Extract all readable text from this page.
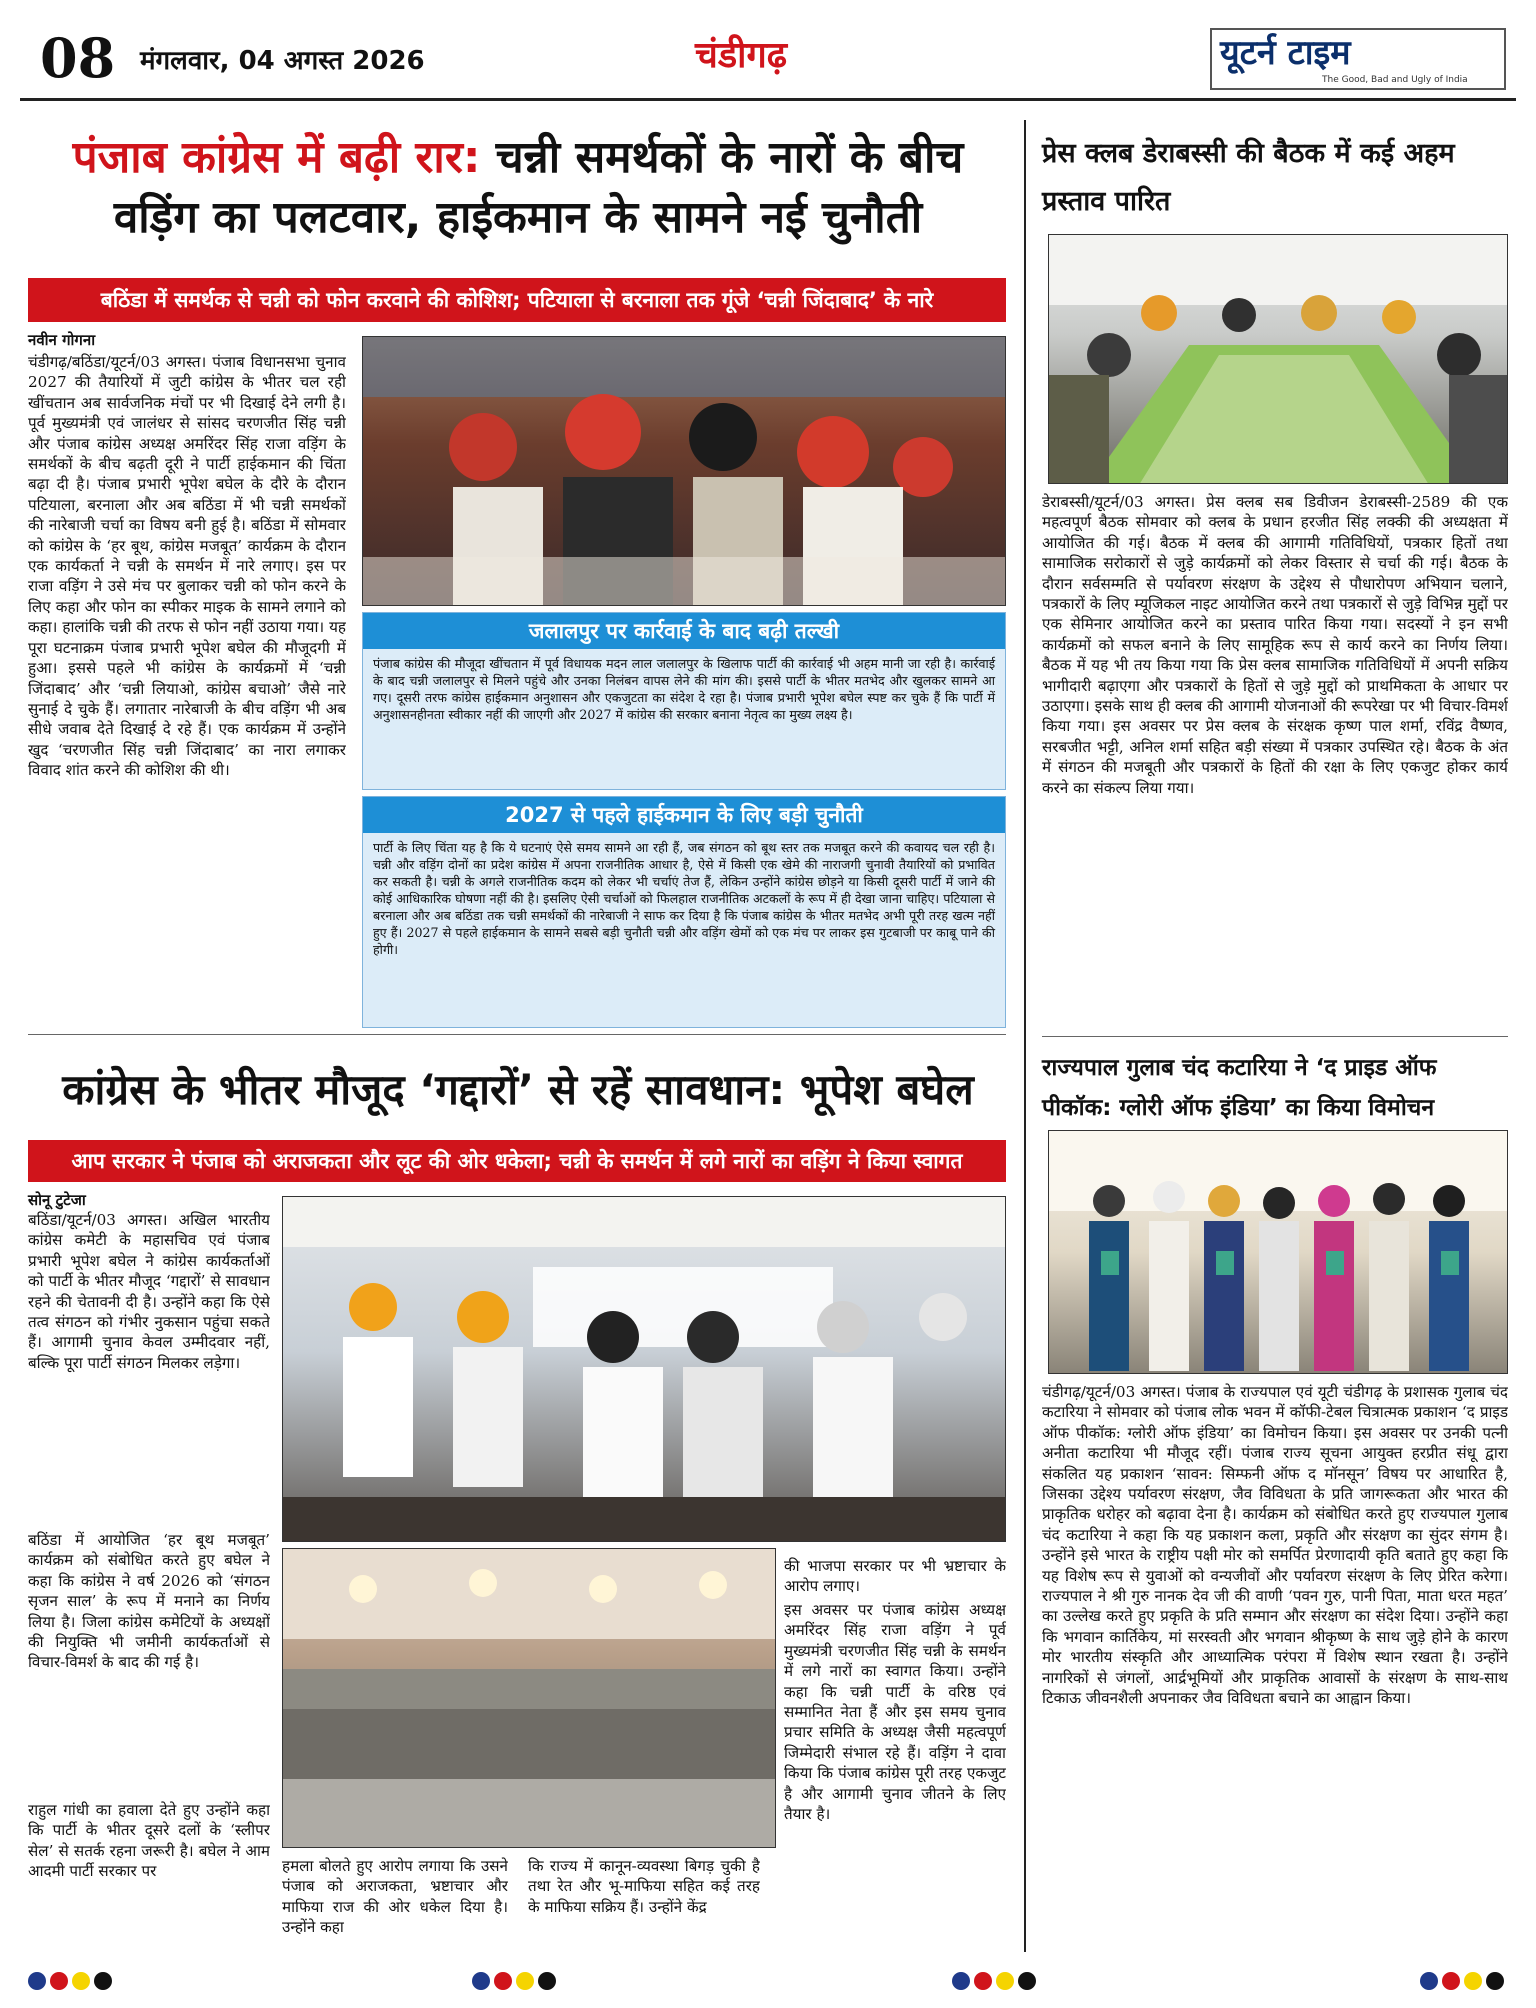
08 मंगलवार, 04 अगस्त 2026	चंडीगढ़	यूटर्न टाइम
The Good, Bad and Ugly of India
पंजाब कांग्रेस में बढ़ी रार: चन्नी समर्थकों के नारों के बीच
वड़िंग का पलटवार, हाईकमान के सामने नई चुनौती
बठिंडा में समर्थक से चन्नी को फोन करवाने की कोशिश; पटियाला से बरनाला तक गूंजे ‘चन्नी जिंदाबाद’ के नारे
नवीन गोगना
चंडीगढ़/बठिंडा/यूटर्न/03 अगस्त। पंजाब विधानसभा चुनाव 2027 की तैयारियों में जुटी कांग्रेस के भीतर चल रही खींचतान अब सार्वजनिक मंचों पर भी दिखाई देने लगी है। पूर्व मुख्यमंत्री एवं जालंधर से सांसद चरणजीत सिंह चन्नी और पंजाब कांग्रेस अध्यक्ष अमरिंदर सिंह राजा वड़िंग के समर्थकों के बीच बढ़ती दूरी ने पार्टी हाईकमान की चिंता बढ़ा दी है। पंजाब प्रभारी भूपेश बघेल के दौरे के दौरान पटियाला, बरनाला और अब बठिंडा में भी चन्नी समर्थकों की नारेबाजी चर्चा का विषय बनी हुई है। बठिंडा में सोमवार को कांग्रेस के ‘हर बूथ, कांग्रेस मजबूत’ कार्यक्रम के दौरान एक कार्यकर्ता ने चन्नी के समर्थन में नारे लगाए। इस पर राजा वड़िंग ने उसे मंच पर बुलाकर चन्नी को फोन करने के लिए कहा और फोन का स्पीकर माइक के सामने लगाने को कहा। हालांकि चन्नी की तरफ से फोन नहीं उठाया गया। यह पूरा घटनाक्रम पंजाब प्रभारी भूपेश बघेल की मौजूदगी में हुआ। इससे पहले भी कांग्रेस के कार्यक्रमों में ‘चन्नी जिंदाबाद’ और ‘चन्नी लियाओ, कांग्रेस बचाओ’ जैसे नारे सुनाई दे चुके हैं। लगातार नारेबाजी के बीच वड़िंग भी अब सीधे जवाब देते दिखाई दे रहे हैं। एक कार्यक्रम में उन्होंने खुद ‘चरणजीत सिंह चन्नी जिंदाबाद’ का नारा लगाकर विवाद शांत करने की कोशिश की थी।
जलालपुर पर कार्रवाई के बाद बढ़ी तल्खी
पंजाब कांग्रेस की मौजूदा खींचतान में पूर्व विधायक मदन लाल जलालपुर के खिलाफ पार्टी की कार्रवाई भी अहम मानी जा रही है। कार्रवाई के बाद चन्नी जलालपुर से मिलने पहुंचे और उनका निलंबन वापस लेने की मांग की। इससे पार्टी के भीतर मतभेद और खुलकर सामने आ गए। दूसरी तरफ कांग्रेस हाईकमान अनुशासन और एकजुटता का संदेश दे रहा है। पंजाब प्रभारी भूपेश बघेल स्पष्ट कर चुके हैं कि पार्टी में अनुशासनहीनता स्वीकार नहीं की जाएगी और 2027 में कांग्रेस की सरकार बनाना नेतृत्व का मुख्य लक्ष्य है।
2027 से पहले हाईकमान के लिए बड़ी चुनौती
पार्टी के लिए चिंता यह है कि ये घटनाएं ऐसे समय सामने आ रही हैं, जब संगठन को बूथ स्तर तक मजबूत करने की कवायद चल रही है। चन्नी और वड़िंग दोनों का प्रदेश कांग्रेस में अपना राजनीतिक आधार है, ऐसे में किसी एक खेमे की नाराजगी चुनावी तैयारियों को प्रभावित कर सकती है। चन्नी के अगले राजनीतिक कदम को लेकर भी चर्चाएं तेज हैं, लेकिन उन्होंने कांग्रेस छोड़ने या किसी दूसरी पार्टी में जाने की कोई आधिकारिक घोषणा नहीं की है। इसलिए ऐसी चर्चाओं को फिलहाल राजनीतिक अटकलों के रूप में ही देखा जाना चाहिए। पटियाला से बरनाला और अब बठिंडा तक चन्नी समर्थकों की नारेबाजी ने साफ कर दिया है कि पंजाब कांग्रेस के भीतर मतभेद अभी पूरी तरह खत्म नहीं हुए हैं। 2027 से पहले हाईकमान के सामने सबसे बड़ी चुनौती चन्नी और वड़िंग खेमों को एक मंच पर लाकर इस गुटबाजी पर काबू पाने की होगी।
कांग्रेस के भीतर मौजूद ‘गद्दारों’ से रहें सावधान: भूपेश बघेल
आप सरकार ने पंजाब को अराजकता और लूट की ओर धकेला; चन्नी के समर्थन में लगे नारों का वड़िंग ने किया स्वागत
सोनू टुटेजा
बठिंडा/यूटर्न/03 अगस्त। अखिल भारतीय कांग्रेस कमेटी के महासचिव एवं पंजाब प्रभारी भूपेश बघेल ने कांग्रेस कार्यकर्ताओं को पार्टी के भीतर मौजूद ‘गद्दारों’ से सावधान रहने की चेतावनी दी है। उन्होंने कहा कि ऐसे तत्व संगठन को गंभीर नुकसान पहुंचा सकते हैं। आगामी चुनाव केवल उम्मीदवार नहीं, बल्कि पूरा पार्टी संगठन मिलकर लड़ेगा।
बठिंडा में आयोजित ‘हर बूथ मजबूत’ कार्यक्रम को संबोधित करते हुए बघेल ने कहा कि कांग्रेस ने वर्ष 2026 को ‘संगठन सृजन साल’ के रूप में मनाने का निर्णय लिया है। जिला कांग्रेस कमेटियों के अध्यक्षों की नियुक्ति भी जमीनी कार्यकर्ताओं से विचार-विमर्श के बाद की गई है।
राहुल गांधी का हवाला देते हुए उन्होंने कहा कि पार्टी के भीतर दूसरे दलों के ‘स्लीपर सेल’ से सतर्क रहना जरूरी है। बघेल ने आम आदमी पार्टी सरकार पर	हमला बोलते हुए आरोप लगाया कि उसने पंजाब को अराजकता, भ्रष्टाचार और माफिया राज की ओर धकेल दिया है। उन्होंने कहा
कि राज्य में कानून-व्यवस्था बिगड़ चुकी है तथा रेत और भू-माफिया सहित कई तरह के माफिया सक्रिय हैं। उन्होंने केंद्र
की भाजपा सरकार पर भी भ्रष्टाचार के आरोप लगाए।
इस अवसर पर पंजाब कांग्रेस अध्यक्ष अमरिंदर सिंह राजा वड़िंग ने पूर्व मुख्यमंत्री चरणजीत सिंह चन्नी के समर्थन में लगे नारों का स्वागत किया। उन्होंने कहा कि चन्नी पार्टी के वरिष्ठ एवं सम्मानित नेता हैं और इस समय चुनाव प्रचार समिति के अध्यक्ष जैसी महत्वपूर्ण जिम्मेदारी संभाल रहे हैं। वड़िंग ने दावा किया कि पंजाब कांग्रेस पूरी तरह एकजुट है और आगामी चुनाव जीतने के लिए तैयार है।
प्रेस क्लब डेराबस्सी की बैठक में कई अहम प्रस्ताव पारित
डेराबस्सी/यूटर्न/03 अगस्त। प्रेस क्लब सब डिवीजन डेराबस्सी-2589 की एक महत्वपूर्ण बैठक सोमवार को क्लब के प्रधान हरजीत सिंह लक्की की अध्यक्षता में आयोजित की गई। बैठक में क्लब की आगामी गतिविधियों, पत्रकार हितों तथा सामाजिक सरोकारों से जुड़े कार्यक्रमों को लेकर विस्तार से चर्चा की गई। बैठक के दौरान सर्वसम्मति से पर्यावरण संरक्षण के उद्देश्य से पौधारोपण अभियान चलाने, पत्रकारों के लिए म्यूजिकल नाइट आयोजित करने तथा पत्रकारों से जुड़े विभिन्न मुद्दों पर एक सेमिनार आयोजित करने का प्रस्ताव पारित किया गया। सदस्यों ने इन सभी कार्यक्रमों को सफल बनाने के लिए सामूहिक रूप से कार्य करने का निर्णय लिया। बैठक में यह भी तय किया गया कि प्रेस क्लब सामाजिक गतिविधियों में अपनी सक्रिय भागीदारी बढ़ाएगा और पत्रकारों के हितों से जुड़े मुद्दों को प्राथमिकता के आधार पर उठाएगा। इसके साथ ही क्लब की आगामी योजनाओं की रूपरेखा पर भी विचार-विमर्श किया गया। इस अवसर पर प्रेस क्लब के संरक्षक कृष्ण पाल शर्मा, रविंद्र वैष्णव, सरबजीत भट्टी, अनिल शर्मा सहित बड़ी संख्या में पत्रकार उपस्थित रहे। बैठक के अंत में संगठन की मजबूती और पत्रकारों के हितों की रक्षा के लिए एकजुट होकर कार्य करने का संकल्प लिया गया।
राज्यपाल गुलाब चंद कटारिया ने ‘द प्राइड ऑफ पीकॉक: ग्लोरी ऑफ इंडिया’ का किया विमोचन
चंडीगढ़/यूटर्न/03 अगस्त। पंजाब के राज्यपाल एवं यूटी चंडीगढ़ के प्रशासक गुलाब चंद कटारिया ने सोमवार को पंजाब लोक भवन में कॉफी-टेबल चित्रात्मक प्रकाशन ‘द प्राइड ऑफ पीकॉक: ग्लोरी ऑफ इंडिया’ का विमोचन किया। इस अवसर पर उनकी पत्नी अनीता कटारिया भी मौजूद रहीं। पंजाब राज्य सूचना आयुक्त हरप्रीत संधू द्वारा संकलित यह प्रकाशन ‘सावन: सिम्फनी ऑफ द मॉनसून’ विषय पर आधारित है, जिसका उद्देश्य पर्यावरण संरक्षण, जैव विविधता के प्रति जागरूकता और भारत की प्राकृतिक धरोहर को बढ़ावा देना है। कार्यक्रम को संबोधित करते हुए राज्यपाल गुलाब चंद कटारिया ने कहा कि यह प्रकाशन कला, प्रकृति और संरक्षण का सुंदर संगम है। उन्होंने इसे भारत के राष्ट्रीय पक्षी मोर को समर्पित प्रेरणादायी कृति बताते हुए कहा कि यह विशेष रूप से युवाओं को वन्यजीवों और पर्यावरण संरक्षण के लिए प्रेरित करेगा। राज्यपाल ने श्री गुरु नानक देव जी की वाणी ‘पवन गुरु, पानी पिता, माता धरत महत’ का उल्लेख करते हुए प्रकृति के प्रति सम्मान और संरक्षण का संदेश दिया। उन्होंने कहा कि भगवान कार्तिकेय, मां सरस्वती और भगवान श्रीकृष्ण के साथ जुड़े होने के कारण मोर भारतीय संस्कृति और आध्यात्मिक परंपरा में विशेष स्थान रखता है। उन्होंने नागरिकों से जंगलों, आर्द्रभूमियों और प्राकृतिक आवासों के संरक्षण के साथ-साथ टिकाऊ जीवनशैली अपनाकर जैव विविधता बचाने का आह्वान किया।
